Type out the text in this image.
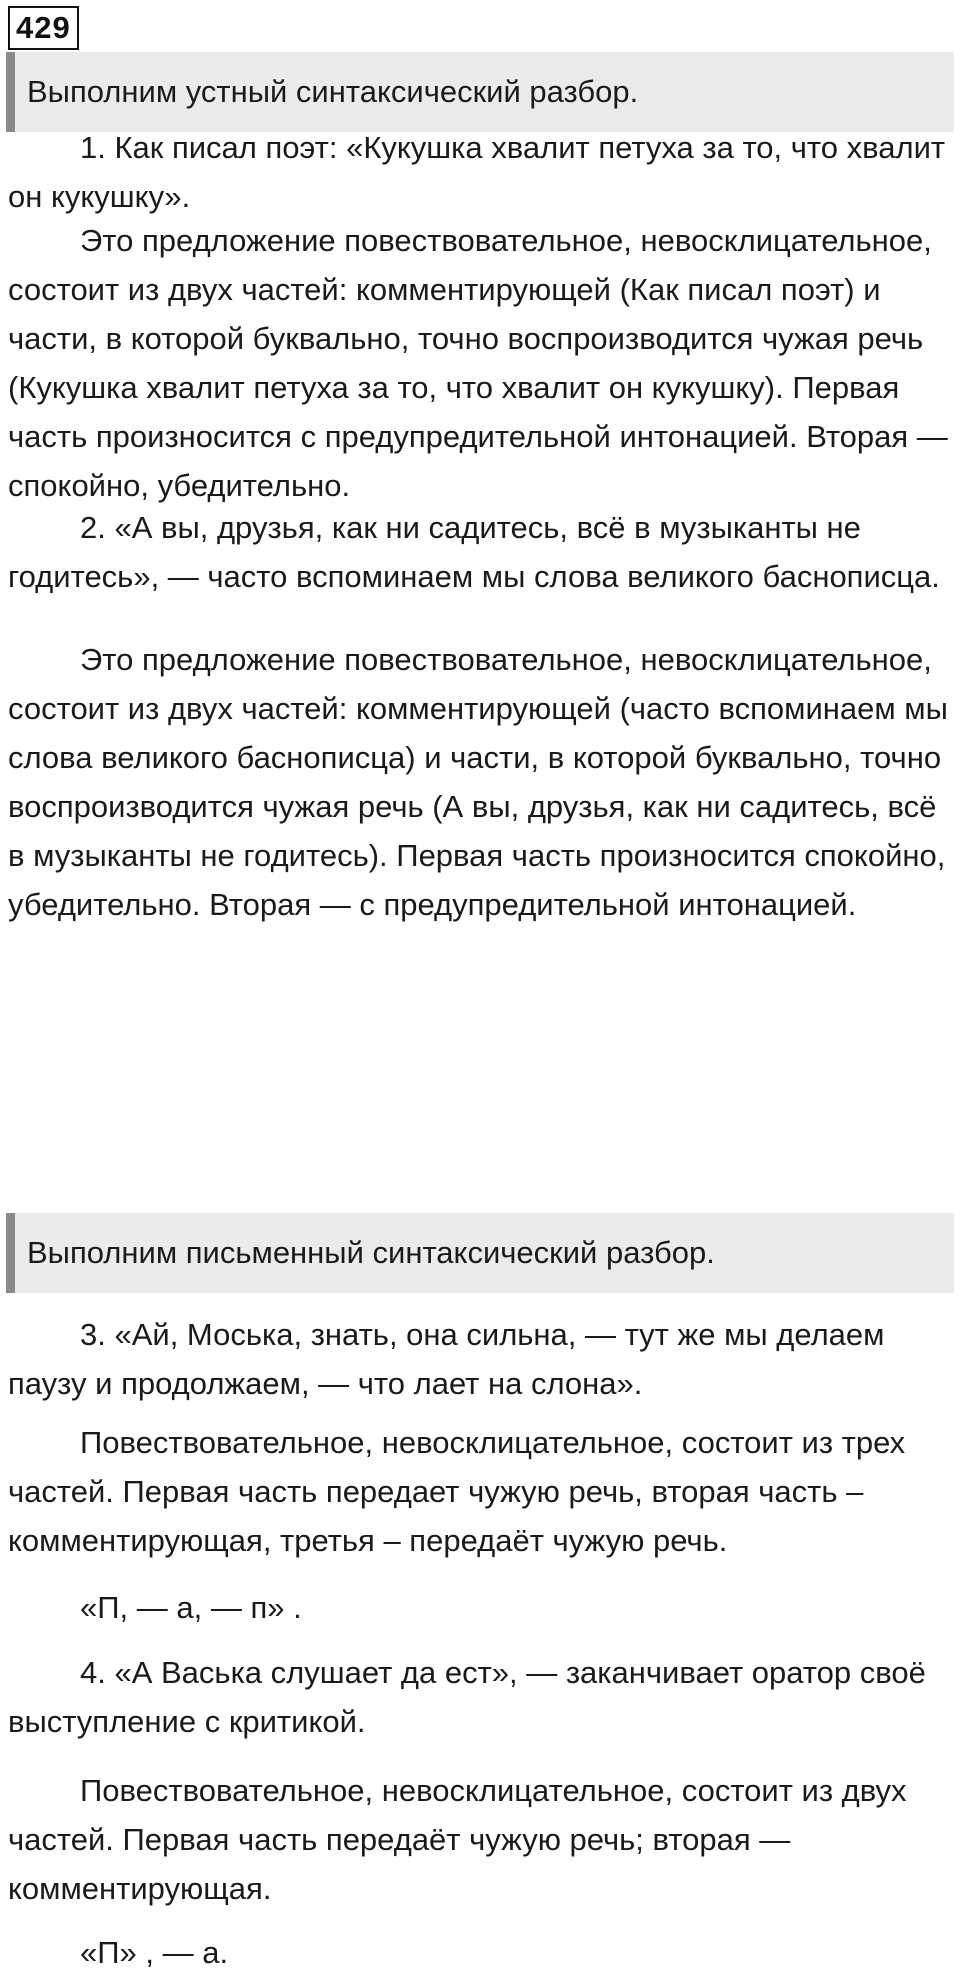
429
Выполним устный синтаксический разбор.

1. Как писал поэт: «Кукушка хвалит петуха за то, что хвалит он кукушку».

Это предложение повествовательное, невосклицательное, состоит из двух частей: комментирующей (Как писал поэт) и части, в которой буквально, точно воспроизводится чужая речь (Кукушка хвалит петуха за то, что хвалит он кукушку). Первая часть произносится с предупредительной интонацией. Вторая — спокойно, убедительно.

2. «А вы, друзья, как ни садитесь, всё в музыканты не годитесь», — часто вспоминаем мы слова великого баснописца.

Это предложение повествовательное, невосклицательное, состоит из двух частей: комментирующей (часто вспоминаем мы слова великого баснописца) и части, в которой буквально, точно воспроизводится чужая речь (А вы, друзья, как ни садитесь, всё в музыканты не годитесь). Первая часть произносится спокойно, убедительно. Вторая — с предупредительной интонацией.

Выполним письменный синтаксический разбор.

3. «Ай, Моська, знать, она сильна, — тут же мы делаем паузу и продолжаем, — что лает на слона».

Повествовательное, невосклицательное, состоит из трех частей. Первая часть передает чужую речь, вторая часть – комментирующая, третья – передаёт чужую речь.

«П, — а, — п» .

4. «А Васька слушает да ест», — заканчивает оратор своё выступление с критикой.

Повествовательное, невосклицательное, состоит из двух частей. Первая часть передаёт чужую речь; вторая — комментирующая.

«П» , — а.
